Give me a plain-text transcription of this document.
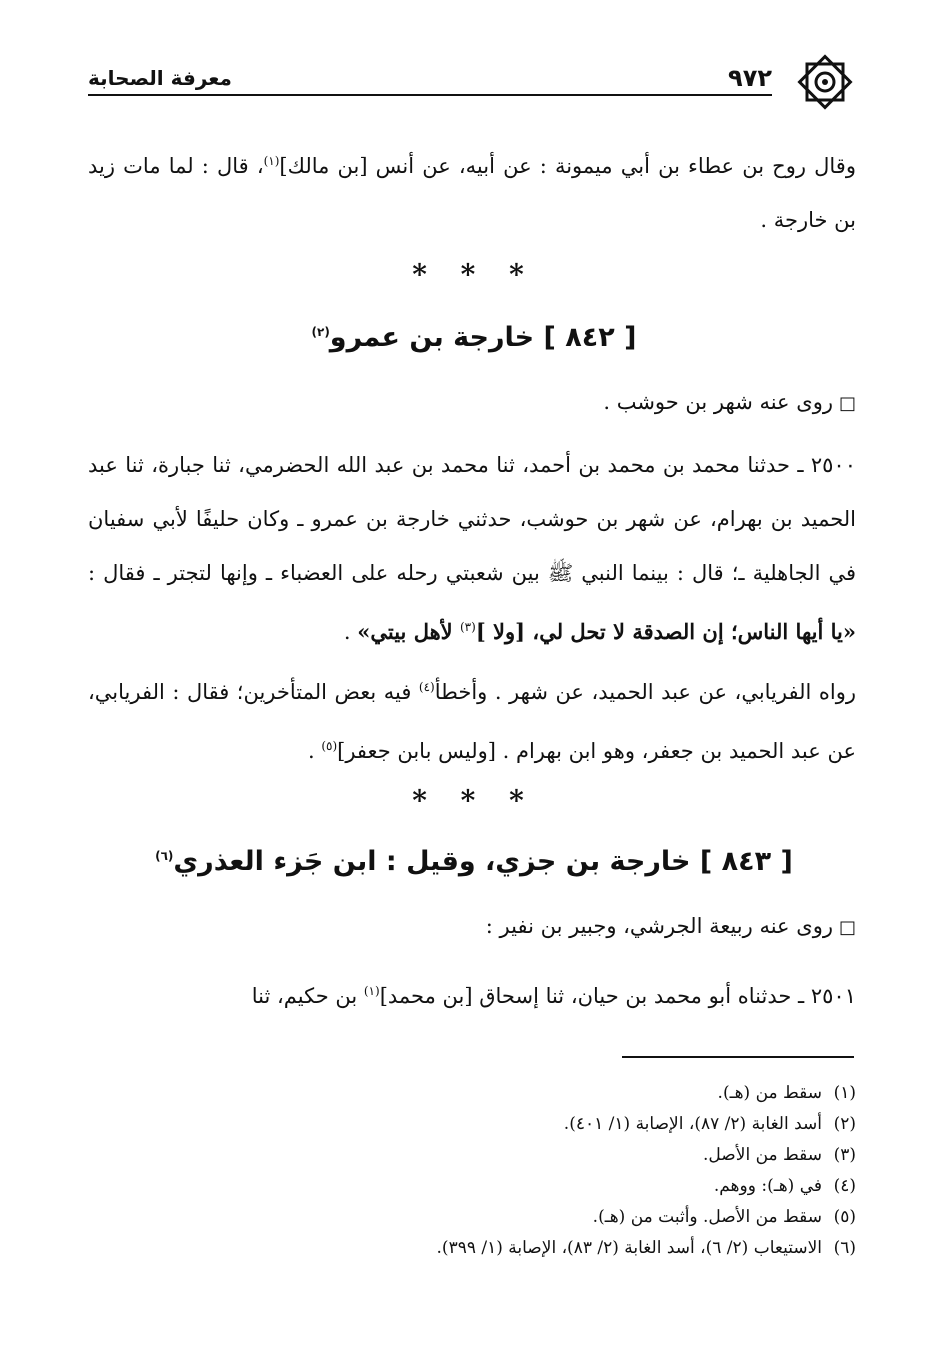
٩٧٢
معرفة الصحابة
وقال روح بن عطاء بن أبي ميمونة : عن أبيه، عن أنس [بن مالك]$^{(١)}$، قال : لما مات زيد بن خارجة .
* * *
[ ٨٤٢ ] خارجة بن عمرو$^{(٢)}$
□روى عنه شهر بن حوشب .
٢٥٠٠ ـ حدثنا محمد بن محمد بن أحمد، ثنا محمد بن عبد الله الحضرمي، ثنا جبارة، ثنا عبد الحميد بن بهرام، عن شهر بن حوشب، حدثني خارجة بن عمرو ـ وكان حليفًا لأبي سفيان في الجاهلية ـ؛ قال : بينما النبي ﷺ بين شعبتي رحله على العضباء ـ وإنها لتجتر ـ فقال : «يا أيها الناس؛ إن الصدقة لا تحل لي، [ولا ]$^{(٣)}$ لأهل بيتي» .
رواه الفريابي، عن عبد الحميد، عن شهر . وأخطأ$^{(٤)}$ فيه بعض المتأخرين؛ فقال : الفريابي، عن عبد الحميد بن جعفر، وهو ابن بهرام . [وليس بابن جعفر]$^{(٥)}$ .
* * *
[ ٨٤٣ ] خارجة بن جزي، وقيل : ابن جَزء العذري$^{(٦)}$
□روى عنه ربيعة الجرشي، وجبير بن نفير :
٢٥٠١ ـ حدثناه أبو محمد بن حيان، ثنا إسحاق [بن محمد]$^{(١)}$ بن حكيم، ثنا
(١)سقط من (هـ).
(٢)أسد الغابة (٢/ ٨٧)، الإصابة (١/ ٤٠١).
(٣)سقط من الأصل.
(٤)في (هـ): ووهم.
(٥)سقط من الأصل. وأثبت من (هـ).
(٦)الاستيعاب (٢/ ٦)، أسد الغابة (٢/ ٨٣)، الإصابة (١/ ٣٩٩).
